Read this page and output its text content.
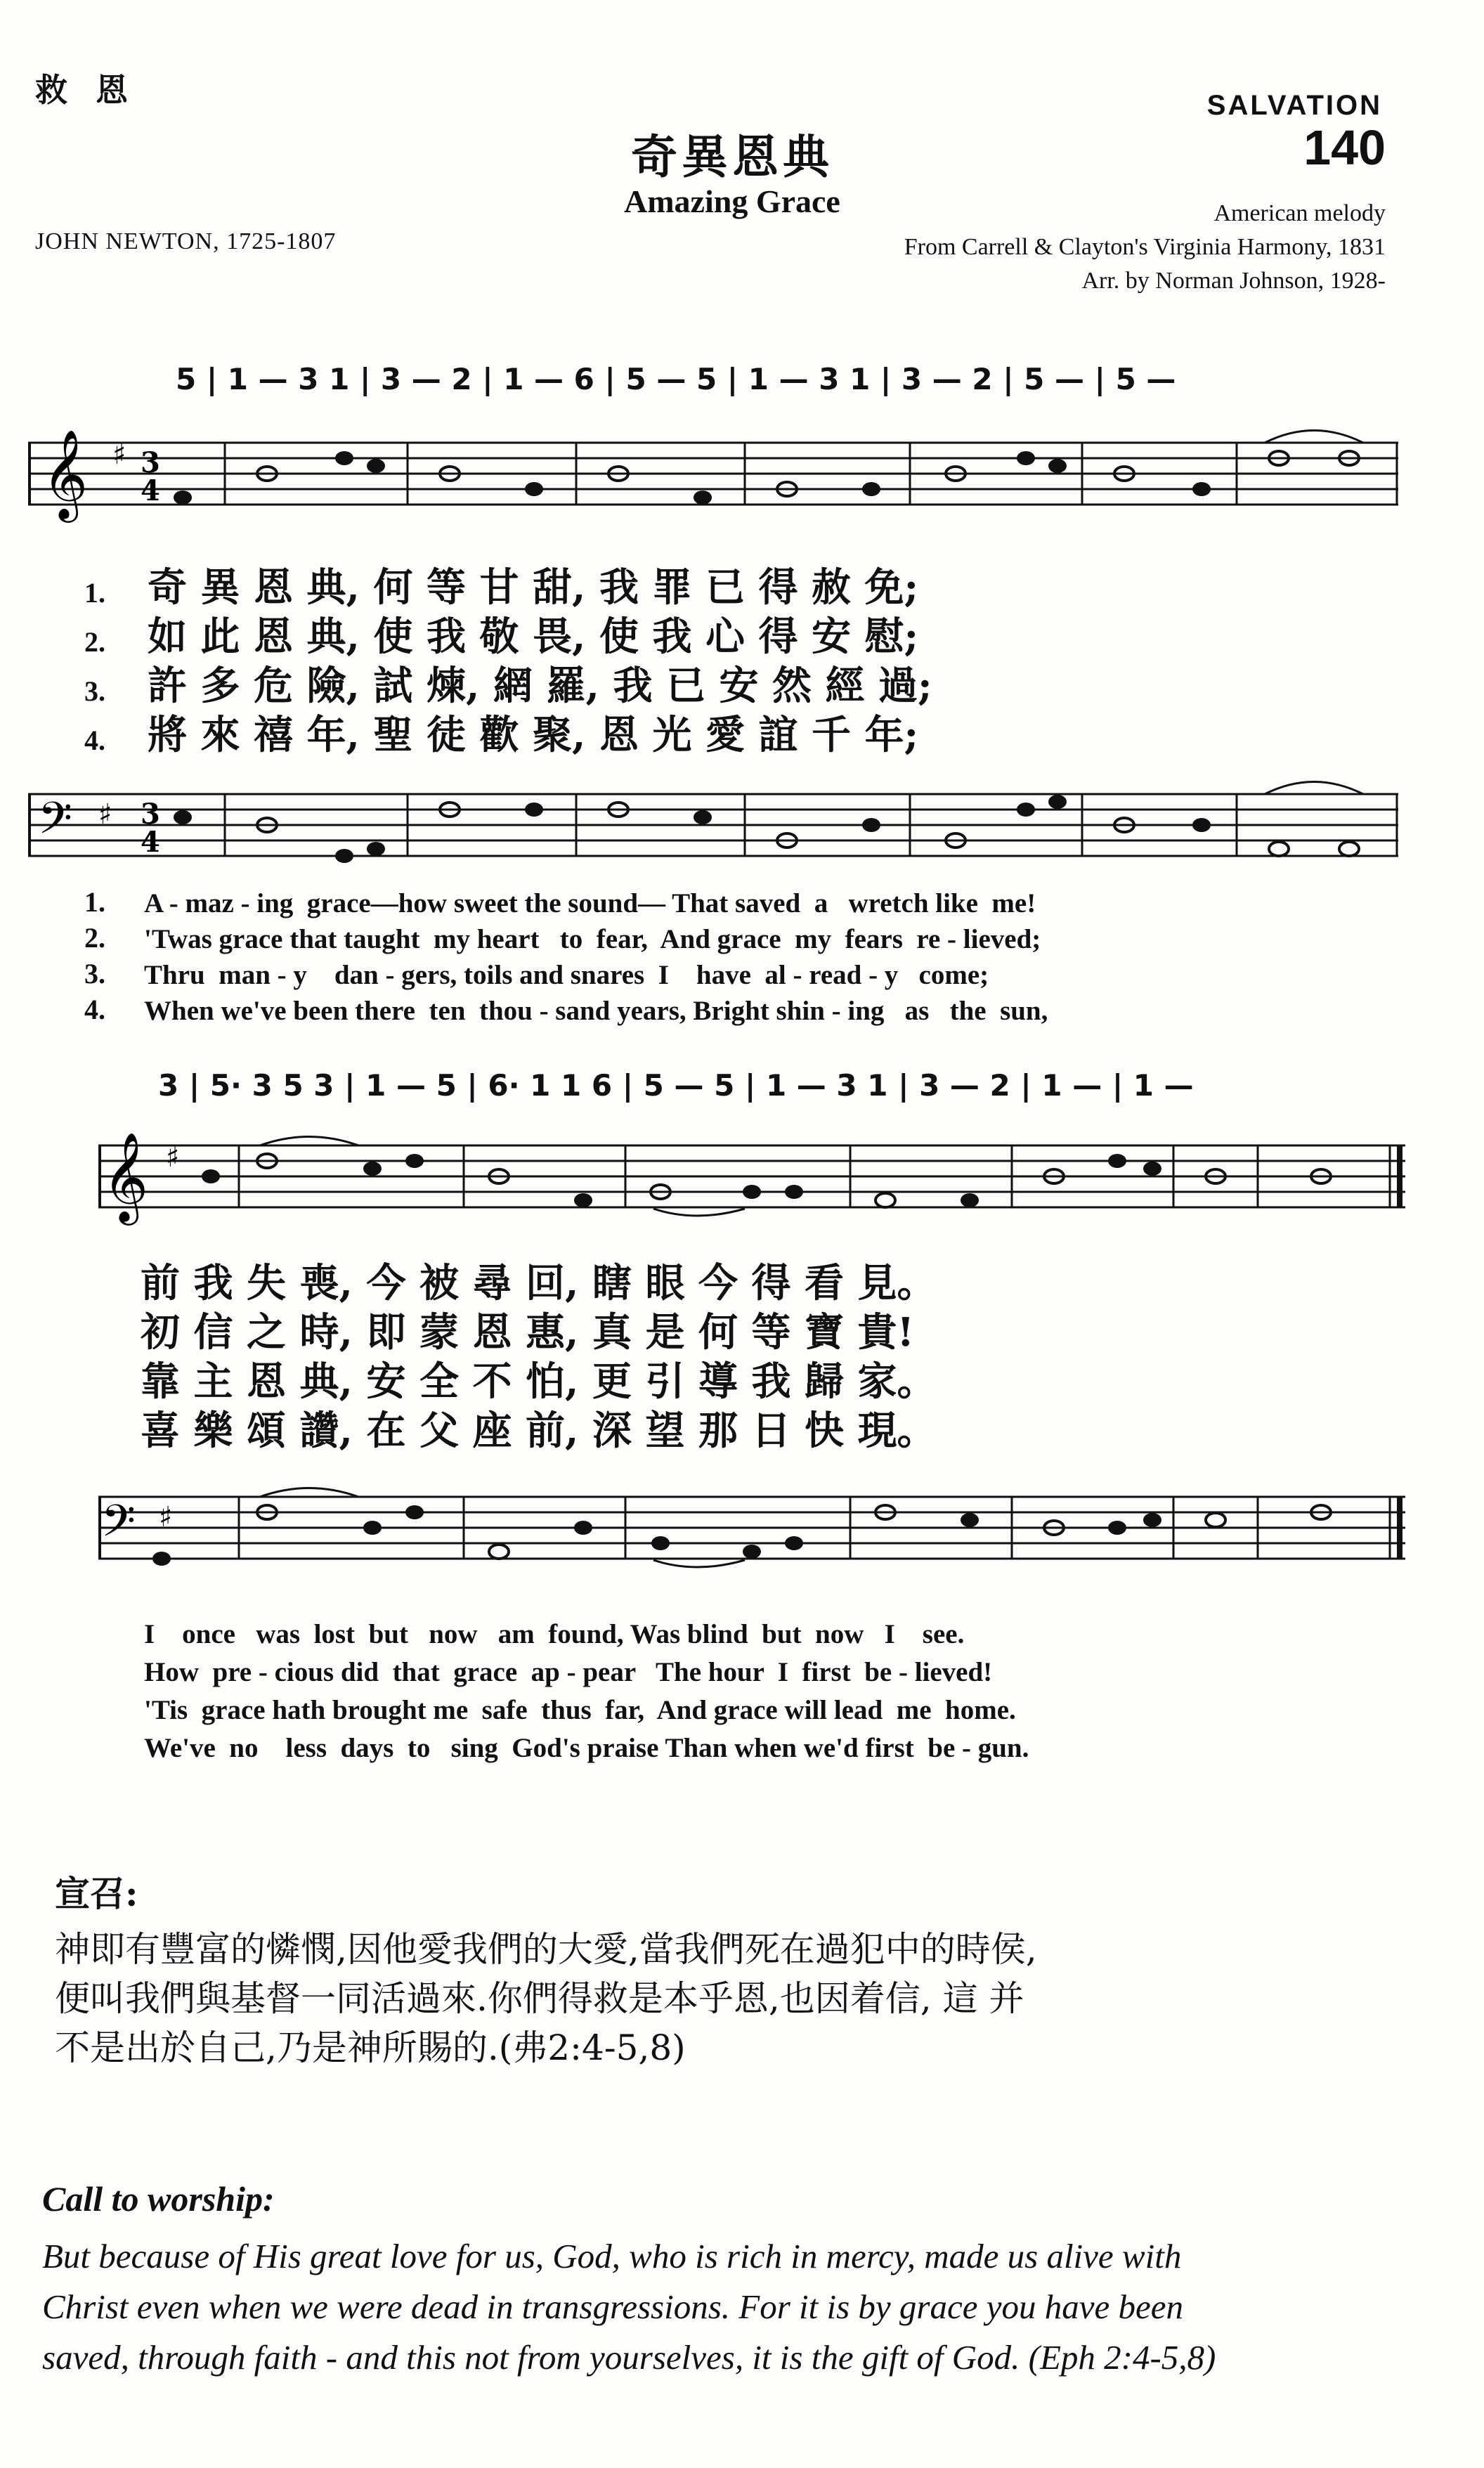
救恩	SALVATION
140
奇異恩典
Amazing Grace
JOHN NEWTON, 1725-1807
American melody
From Carrell & Clayton's Virginia Harmony, 1831
Arr. by Norman Johnson, 1928-
5 | 1 — 3 1 | 3 — 2 | 1 — 6 | 5 — 5 | 1 — 3 1 | 3 — 2 | 5 — | 5 —
𝄞 ♯ 3
4
1.
2.
3.
4.
奇 異 恩 典, 何 等 甘 甜, 我 罪 已 得 赦 免;
如 此 恩 典, 使 我 敬 畏, 使 我 心 得 安 慰;
許 多 危 險, 試 煉, 網 羅, 我 已 安 然 經 過;
將 來 禧 年, 聖 徒 歡 聚, 恩 光 愛 誼 千 年;
𝄢 ♯ 3
4
1.
2.
3.
4.
A - maz - ing  grace—how sweet the sound— That saved  a   wretch like  me!
'Twas grace that taught  my heart   to  fear,  And grace  my  fears  re - lieved;
Thru  man - y    dan - gers, toils and snares  I    have  al - read - y   come;
When we've been there  ten  thou - sand years, Bright shin - ing   as   the  sun,
3 | 5· 3 5 3 | 1 — 5 | 6· 1 1 6 | 5 — 5 | 1 — 3 1 | 3 — 2 | 1 — | 1 —
𝄞 ♯
前 我 失 喪, 今 被 尋 回, 瞎 眼 今 得 看 見。
初 信 之 時, 即 蒙 恩 惠, 真 是 何 等 寶 貴!
靠 主 恩 典, 安 全 不 怕, 更 引 導 我 歸 家。
喜 樂 頌 讚, 在 父 座 前, 深 望 那 日 快 現。
𝄢 ♯
I    once   was  lost  but   now   am  found, Was blind  but  now   I    see.
How  pre - cious did  that  grace  ap - pear   The hour  I  first  be - lieved!
'Tis  grace hath brought me  safe  thus  far,  And grace will lead  me  home.
We've  no    less  days  to   sing  God's praise Than when we'd first  be - gun.
宣召:
神即有豐富的憐憫,因他愛我們的大愛,當我們死在過犯中的時侯,
便叫我們與基督一同活過來.你們得救是本乎恩,也因着信, 這 并
不是出於自己,乃是神所賜的.(弗2:4-5,8)
Call to worship:
But because of His great love for us, God, who is rich in mercy, made us alive with
Christ even when we were dead in transgressions. For it is by grace you have been
saved, through faith - and this not from yourselves, it is the gift of God. (Eph 2:4-5,8)
